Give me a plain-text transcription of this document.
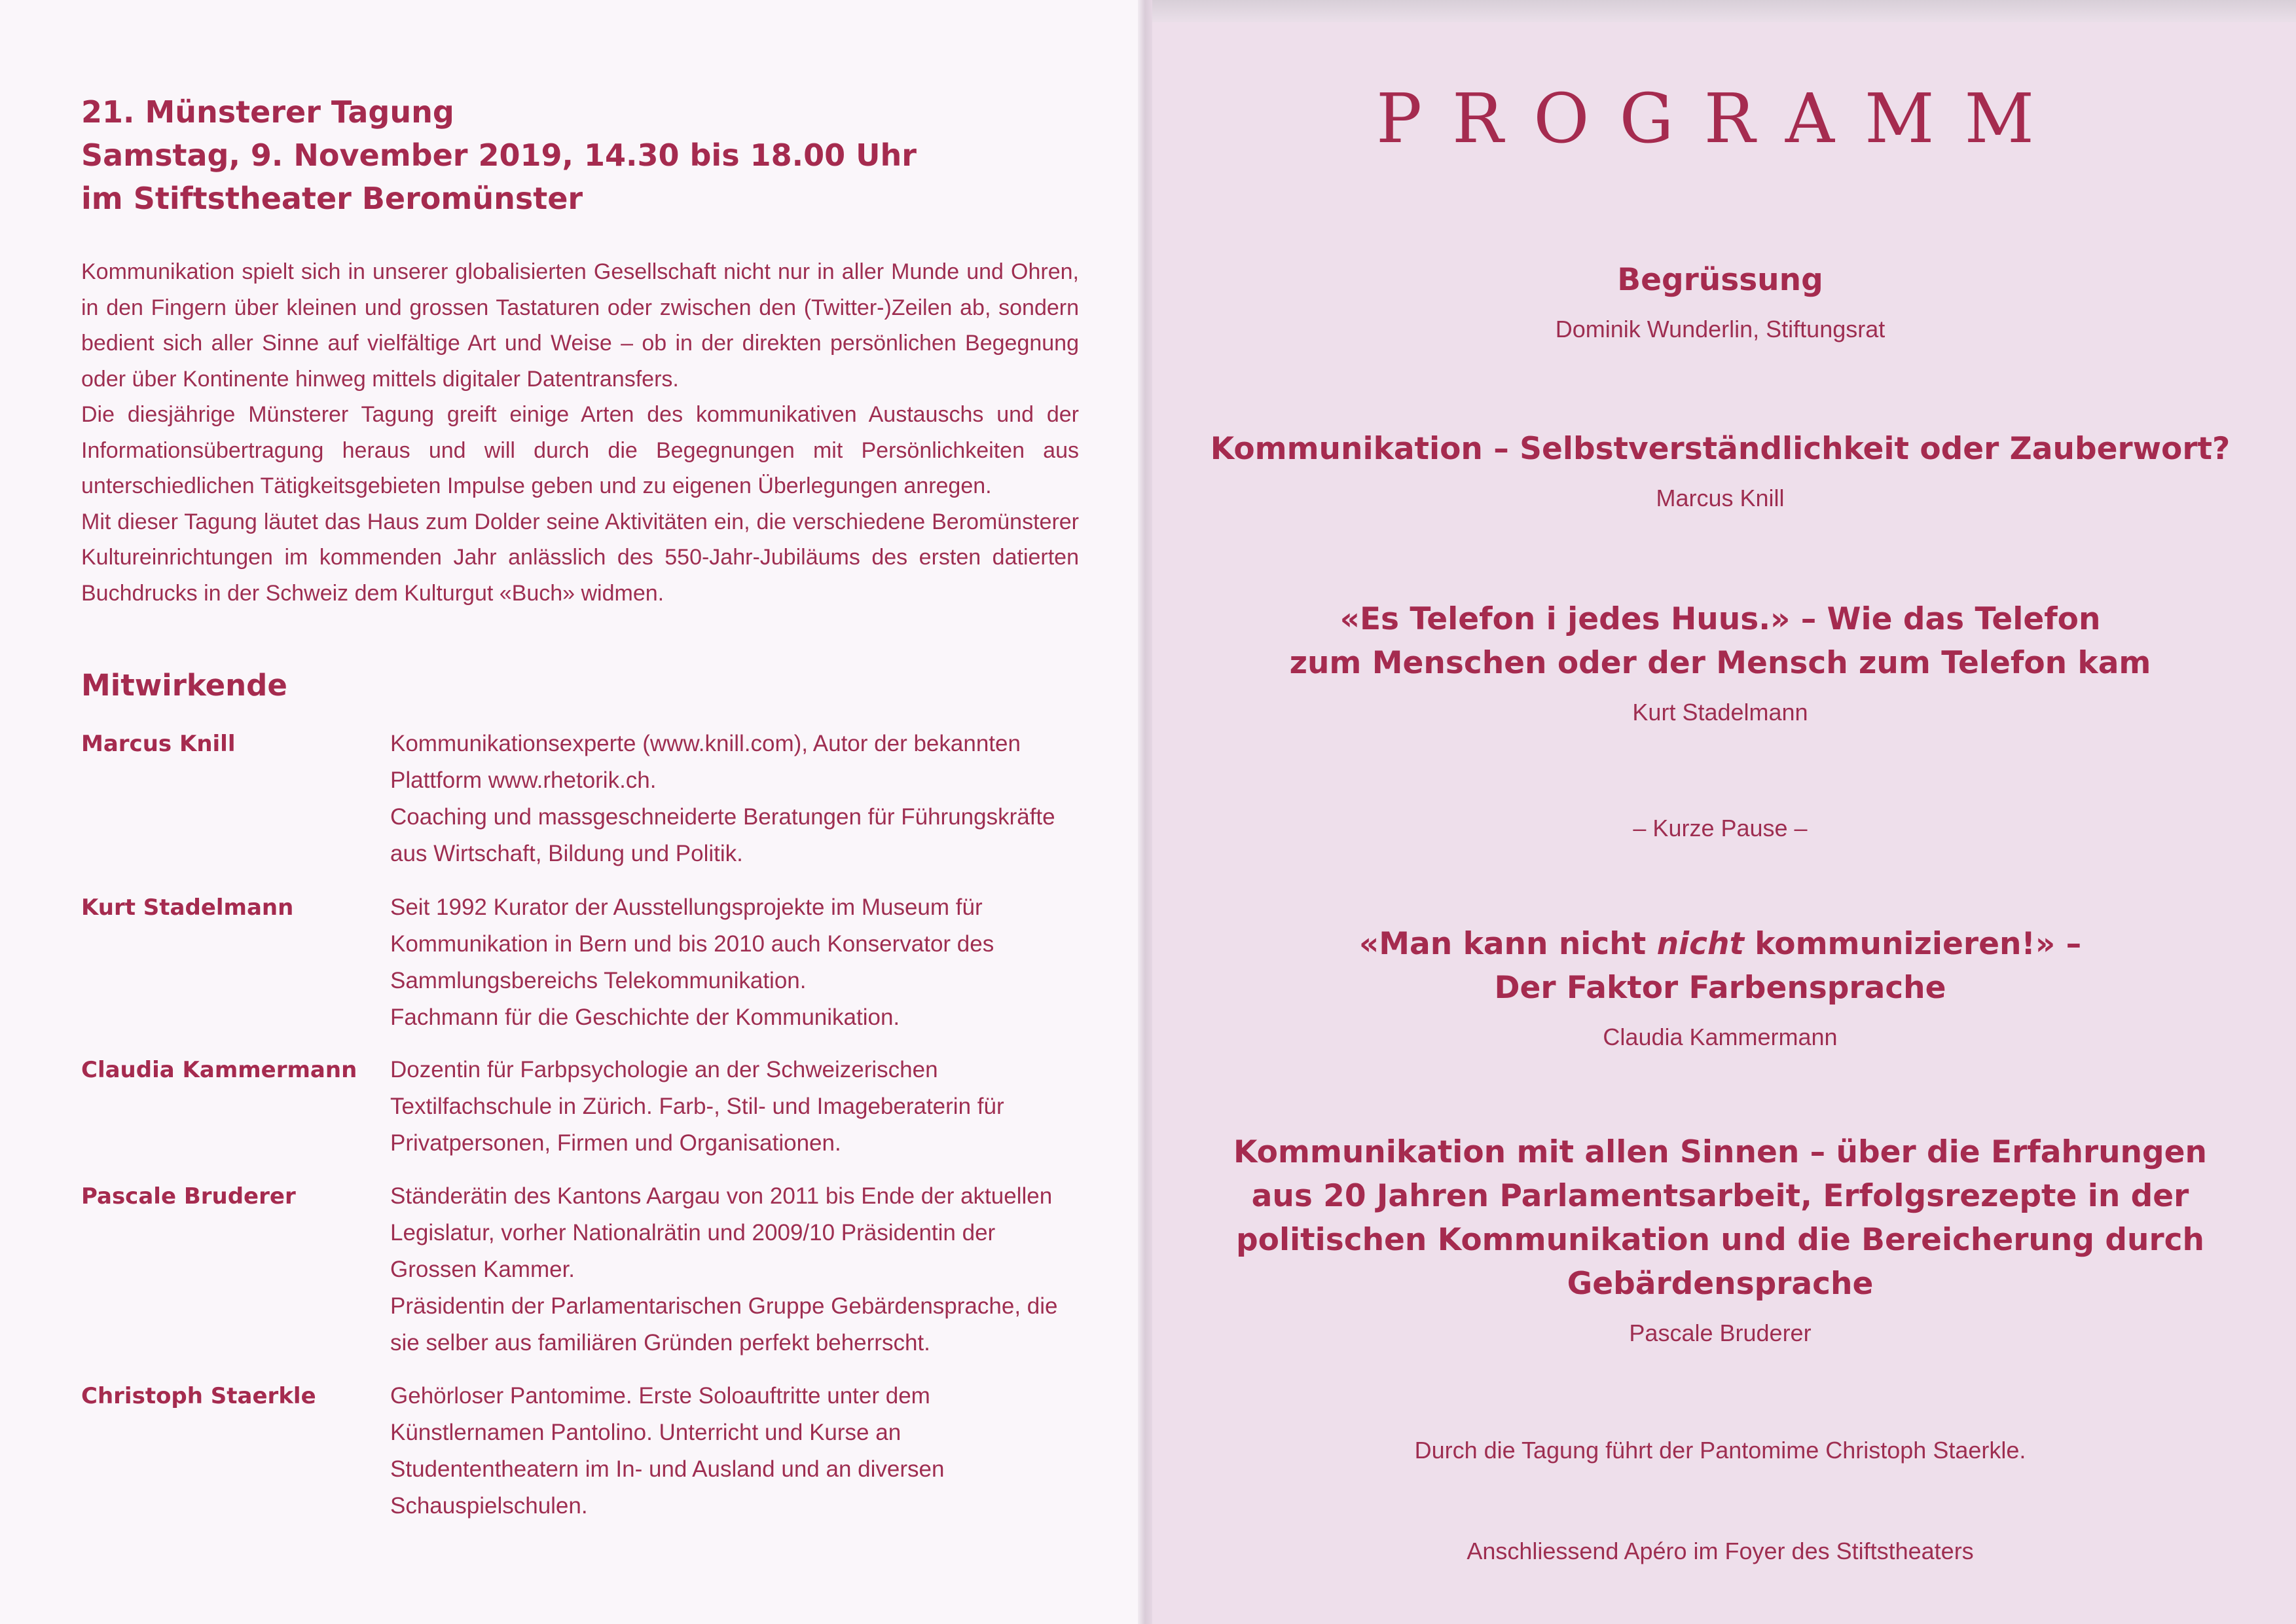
21. Münsterer Tagung
Samstag, 9. November 2019, 14.30 bis 18.00 Uhr
im Stiftstheater Beromünster

Kommunikation spielt sich in unserer globalisierten Gesellschaft nicht nur in aller Munde und Ohren, in den Fingern über kleinen und grossen Tastaturen oder zwischen den (Twitter-)Zeilen ab, sondern bedient sich aller Sinne auf vielfältige Art und Weise – ob in der direkten persönlichen Begegnung oder über Kontinente hinweg mittels digitaler Datentransfers.

Die diesjährige Münsterer Tagung greift einige Arten des kommunikativen Austauschs und der Informationsübertragung heraus und will durch die Begegnungen mit Persönlichkeiten aus unterschiedlichen Tätigkeitsgebieten Impulse geben und zu eigenen Überlegungen anregen.

Mit dieser Tagung läutet das Haus zum Dolder seine Aktivitäten ein, die verschiedene Beromünsterer Kultureinrichtungen im kommenden Jahr anlässlich des 550-Jahr-Jubiläums des ersten datierten Buchdrucks in der Schweiz dem Kulturgut «Buch» widmen.

Mitwirkende
Marcus Knill	Kommunikationsexperte (www.knill.com), Autor der bekannten Plattform www.rhetorik.ch.

Coaching und massgeschneiderte Beratungen für Führungskräfte aus Wirtschaft, Bildung und Politik.

Kurt Stadelmann	Seit 1992 Kurator der Ausstellungsprojekte im Museum für Kommunikation in Bern und bis 2010 auch Konservator des Sammlungsbereichs Telekommunikation.

Fachmann für die Geschichte der Kommunikation.

Claudia Kammermann	Dozentin für Farbpsychologie an der Schweizerischen Textilfachschule in Zürich. Farb-, Stil- und Imageberaterin für Privatpersonen, Firmen und Organisationen.

Pascale Bruderer	Ständerätin des Kantons Aargau von 2011 bis Ende der aktuellen Legislatur, vorher Nationalrätin und 2009/10 Präsidentin der Grossen Kammer.

Präsidentin der Parlamentarischen Gruppe Gebärdensprache, die sie selber aus familiären Gründen perfekt beherrscht.

Christoph Staerkle	Gehörloser Pantomime. Erste Soloauftritte unter dem Künstlernamen Pantolino. Unterricht und Kurse an Studententheatern im In- und Ausland und an diversen Schauspielschulen.

PROGRAMM
Begrüssung
Dominik Wunderlin, Stiftungsrat
Kommunikation – Selbstverständlichkeit oder Zauberwort?
Marcus Knill
«Es Telefon i jedes Huus.» – Wie das Telefon
zum Menschen oder der Mensch zum Telefon kam
Kurt Stadelmann
– Kurze Pause –
«Man kann nicht nicht kommunizieren!» –
Der Faktor Farbensprache
Claudia Kammermann
Kommunikation mit allen Sinnen – über die Erfahrungen
aus 20 Jahren Parlamentsarbeit, Erfolgsrezepte in der
politischen Kommunikation und die Bereicherung durch
Gebärdensprache
Pascale Bruderer
Durch die Tagung führt der Pantomime Christoph Staerkle.
Anschliessend Apéro im Foyer des Stiftstheaters
